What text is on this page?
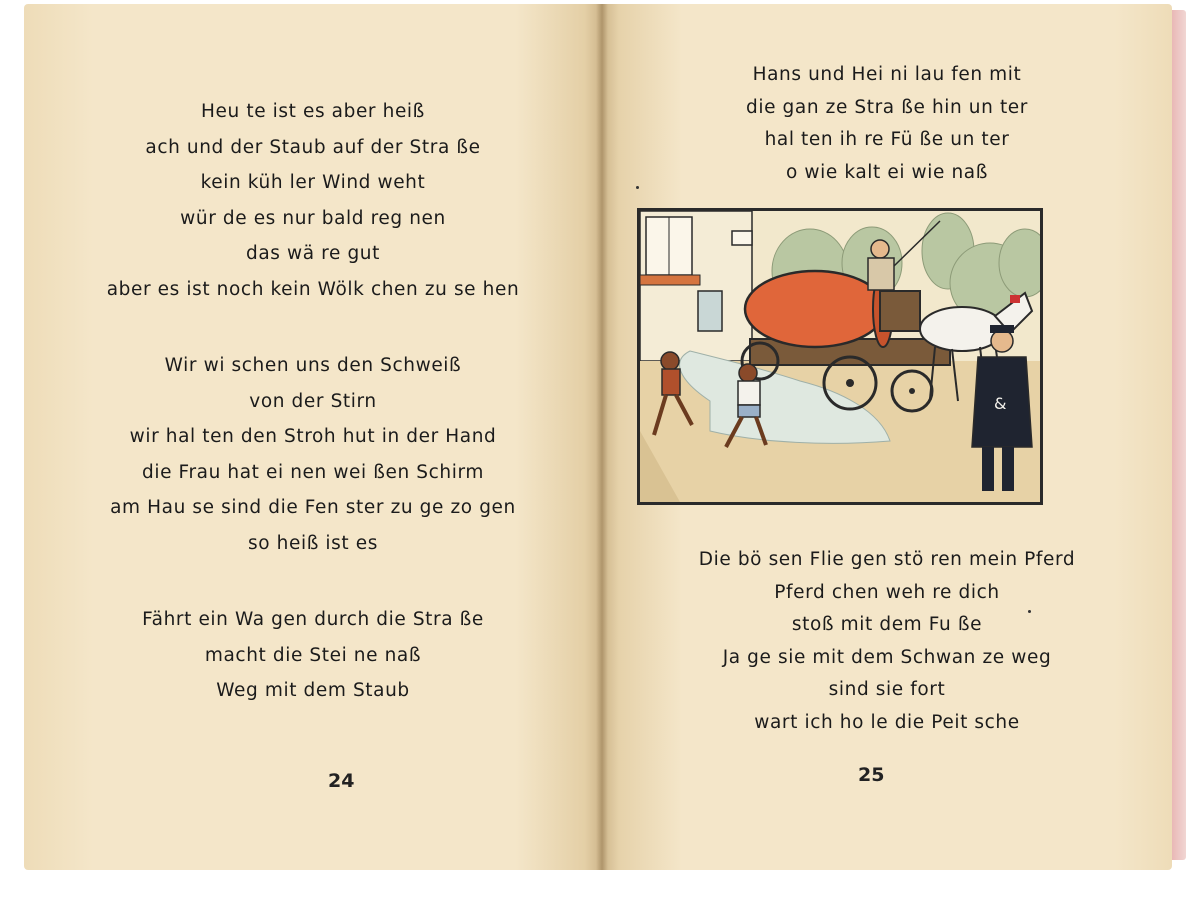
Heu te ist es aber heiß
ach und der Staub auf der Stra ße
kein küh ler Wind weht
wür de es nur bald reg nen
das wä re gut
aber es ist noch kein Wölk chen zu se hen
Wir wi schen uns den Schweiß
von der Stirn
wir hal ten den Stroh hut in der Hand
die Frau hat ei nen wei ßen Schirm
am Hau se sind die Fen ster zu ge zo gen
so heiß ist es
Fährt ein Wa gen durch die Stra ße
macht die Stei ne naß
Weg mit dem Staub
24
Hans und Hei ni lau fen mit
die gan ze Stra ße hin un ter
hal ten ih re Fü ße un ter
o wie kalt ei wie naß
Die bö sen Flie gen stö ren mein Pferd
Pferd chen weh re dich
stoß mit dem Fu ße
Ja ge sie mit dem Schwan ze weg
sind sie fort
wart ich ho le die Peit sche
25
&
